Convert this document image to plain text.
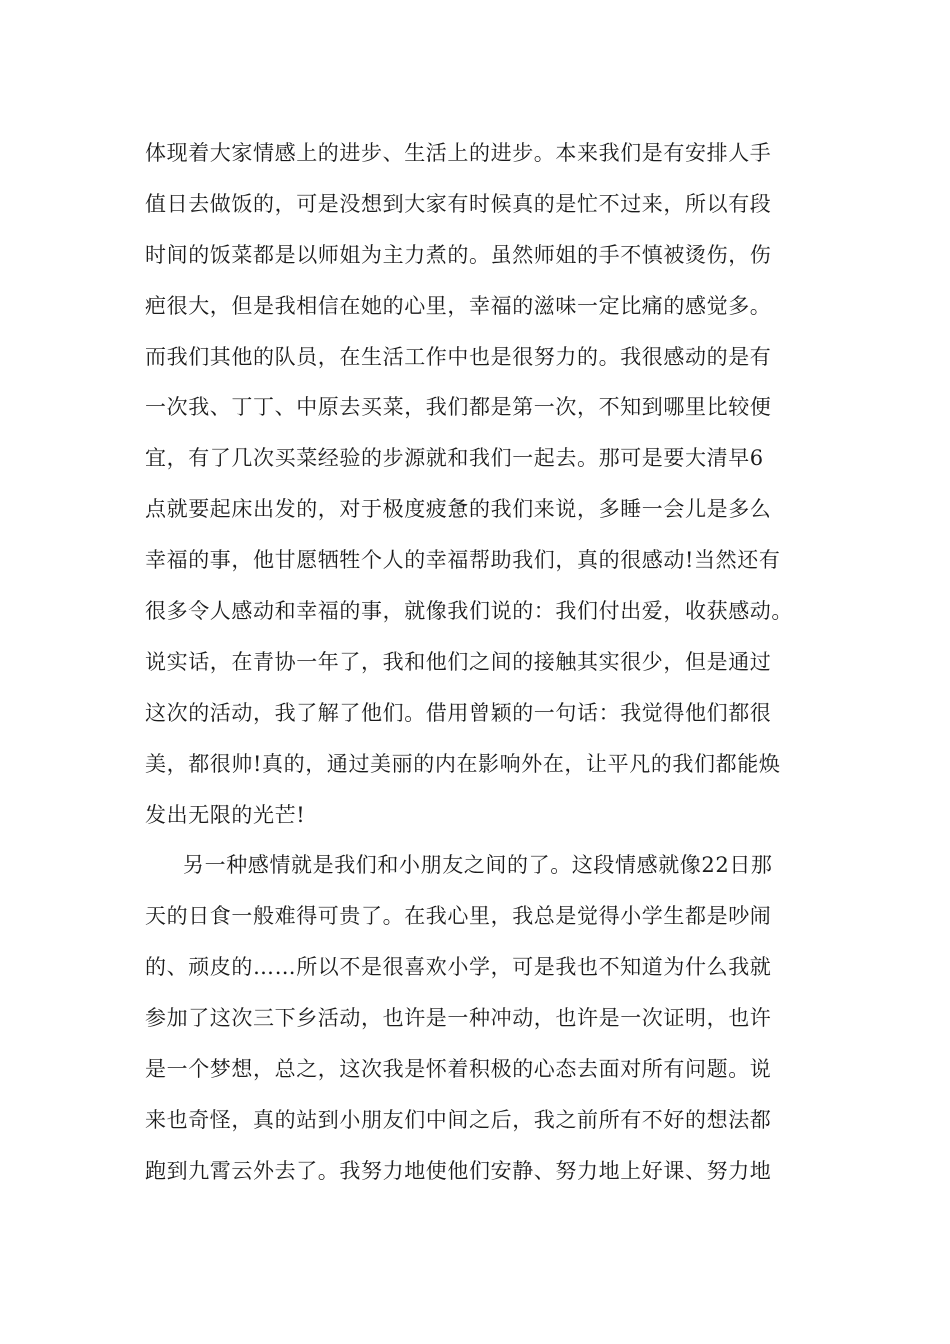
体现着大家情感上的进步、生活上的进步。本来我们是有安排人手
值日去做饭的，可是没想到大家有时候真的是忙不过来，所以有段
时间的饭菜都是以师姐为主力煮的。虽然师姐的手不慎被烫伤，伤
疤很大，但是我相信在她的心里，幸福的滋味一定比痛的感觉多。
而我们其他的队员，在生活工作中也是很努力的。我很感动的是有
一次我、丁丁、中原去买菜，我们都是第一次，不知到哪里比较便
宜，有了几次买菜经验的步源就和我们一起去。那可是要大清早6
点就要起床出发的，对于极度疲惫的我们来说，多睡一会儿是多么
幸福的事，他甘愿牺牲个人的幸福帮助我们，真的很感动!当然还有
很多令人感动和幸福的事，就像我们说的：我们付出爱，收获感动。
说实话，在青协一年了，我和他们之间的接触其实很少，但是通过
这次的活动，我了解了他们。借用曾颖的一句话：我觉得他们都很
美，都很帅!真的，通过美丽的内在影响外在，让平凡的我们都能焕
发出无限的光芒!
另一种感情就是我们和小朋友之间的了。这段情感就像22日那
天的日食一般难得可贵了。在我心里，我总是觉得小学生都是吵闹
的、顽皮的……所以不是很喜欢小学，可是我也不知道为什么我就
参加了这次三下乡活动，也许是一种冲动，也许是一次证明，也许
是一个梦想，总之，这次我是怀着积极的心态去面对所有问题。说
来也奇怪，真的站到小朋友们中间之后，我之前所有不好的想法都
跑到九霄云外去了。我努力地使他们安静、努力地上好课、努力地
